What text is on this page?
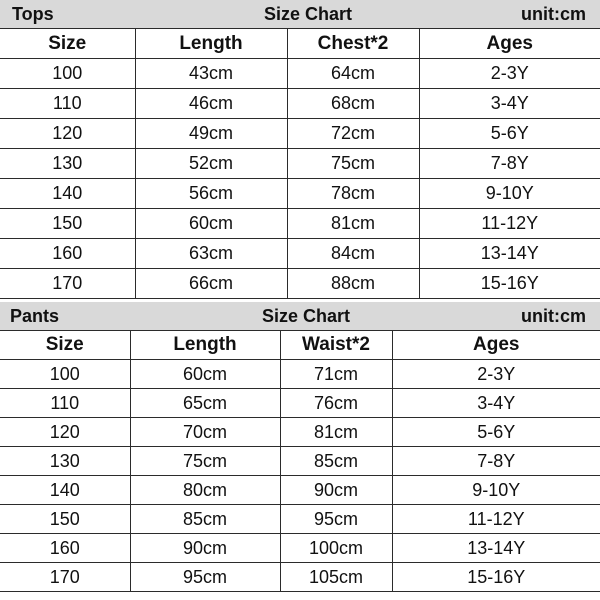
Tops	Size Chart	unit:cm
Size	Length	Chest*2	Ages
100	43cm	64cm	2-3Y
110	46cm	68cm	3-4Y
120	49cm	72cm	5-6Y
130	52cm	75cm	7-8Y
140	56cm	78cm	9-10Y
150	60cm	81cm	11-12Y
160	63cm	84cm	13-14Y
170	66cm	88cm	15-16Y
Pants	Size Chart	unit:cm
Size	Length	Waist*2	Ages
100	60cm	71cm	2-3Y
110	65cm	76cm	3-4Y
120	70cm	81cm	5-6Y
130	75cm	85cm	7-8Y
140	80cm	90cm	9-10Y
150	85cm	95cm	11-12Y
160	90cm	100cm	13-14Y
170	95cm	105cm	15-16Y
